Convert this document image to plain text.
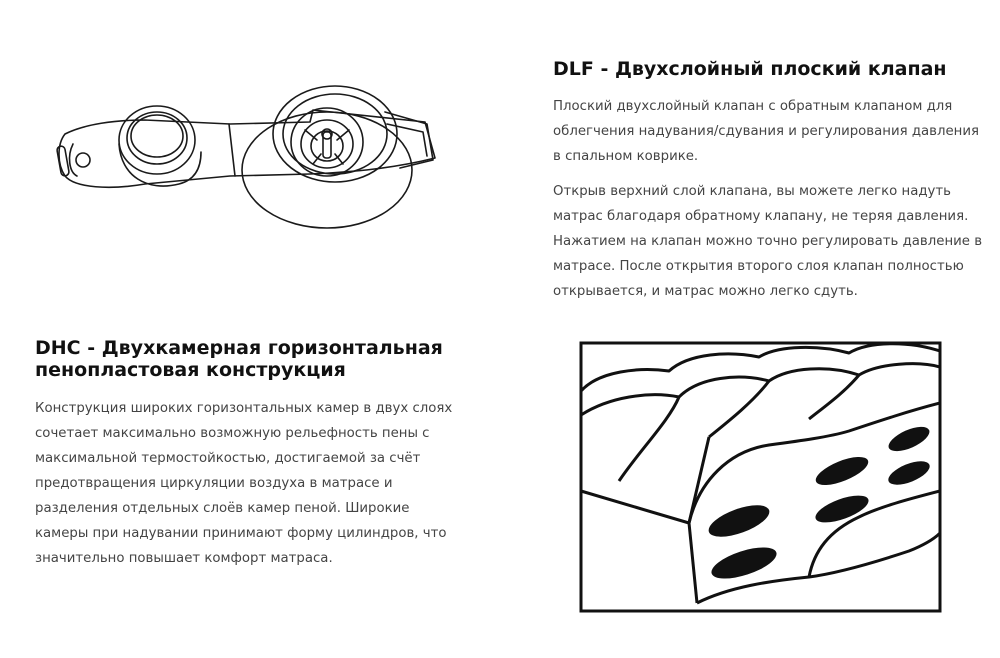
DLF - Двухслойный плоский клапан

Плоский двухслойный клапан с обратным клапаном для облегчения надувания/сдувания и регулирования давления в спальном коврике.

Открыв верхний слой клапана, вы можете легко надуть матрас благодаря обратному клапану, не теряя давления. Нажатием на клапан можно точно регулировать давление в матрасе. После открытия второго слоя клапан полностью открывается, и матрас можно легко сдуть.

DHC - Двухкамерная горизонтальная
пенопластовая конструкция

Конструкция широких горизонтальных камер в двух слоях сочетает максимально возможную рельефность пены с максимальной термостойкостью, достигаемой за счёт предотвращения циркуляции воздуха в матрасе и разделения отдельных слоёв камер пеной. Широкие камеры при надувании принимают форму цилиндров, что значительно повышает комфорт матраса.
